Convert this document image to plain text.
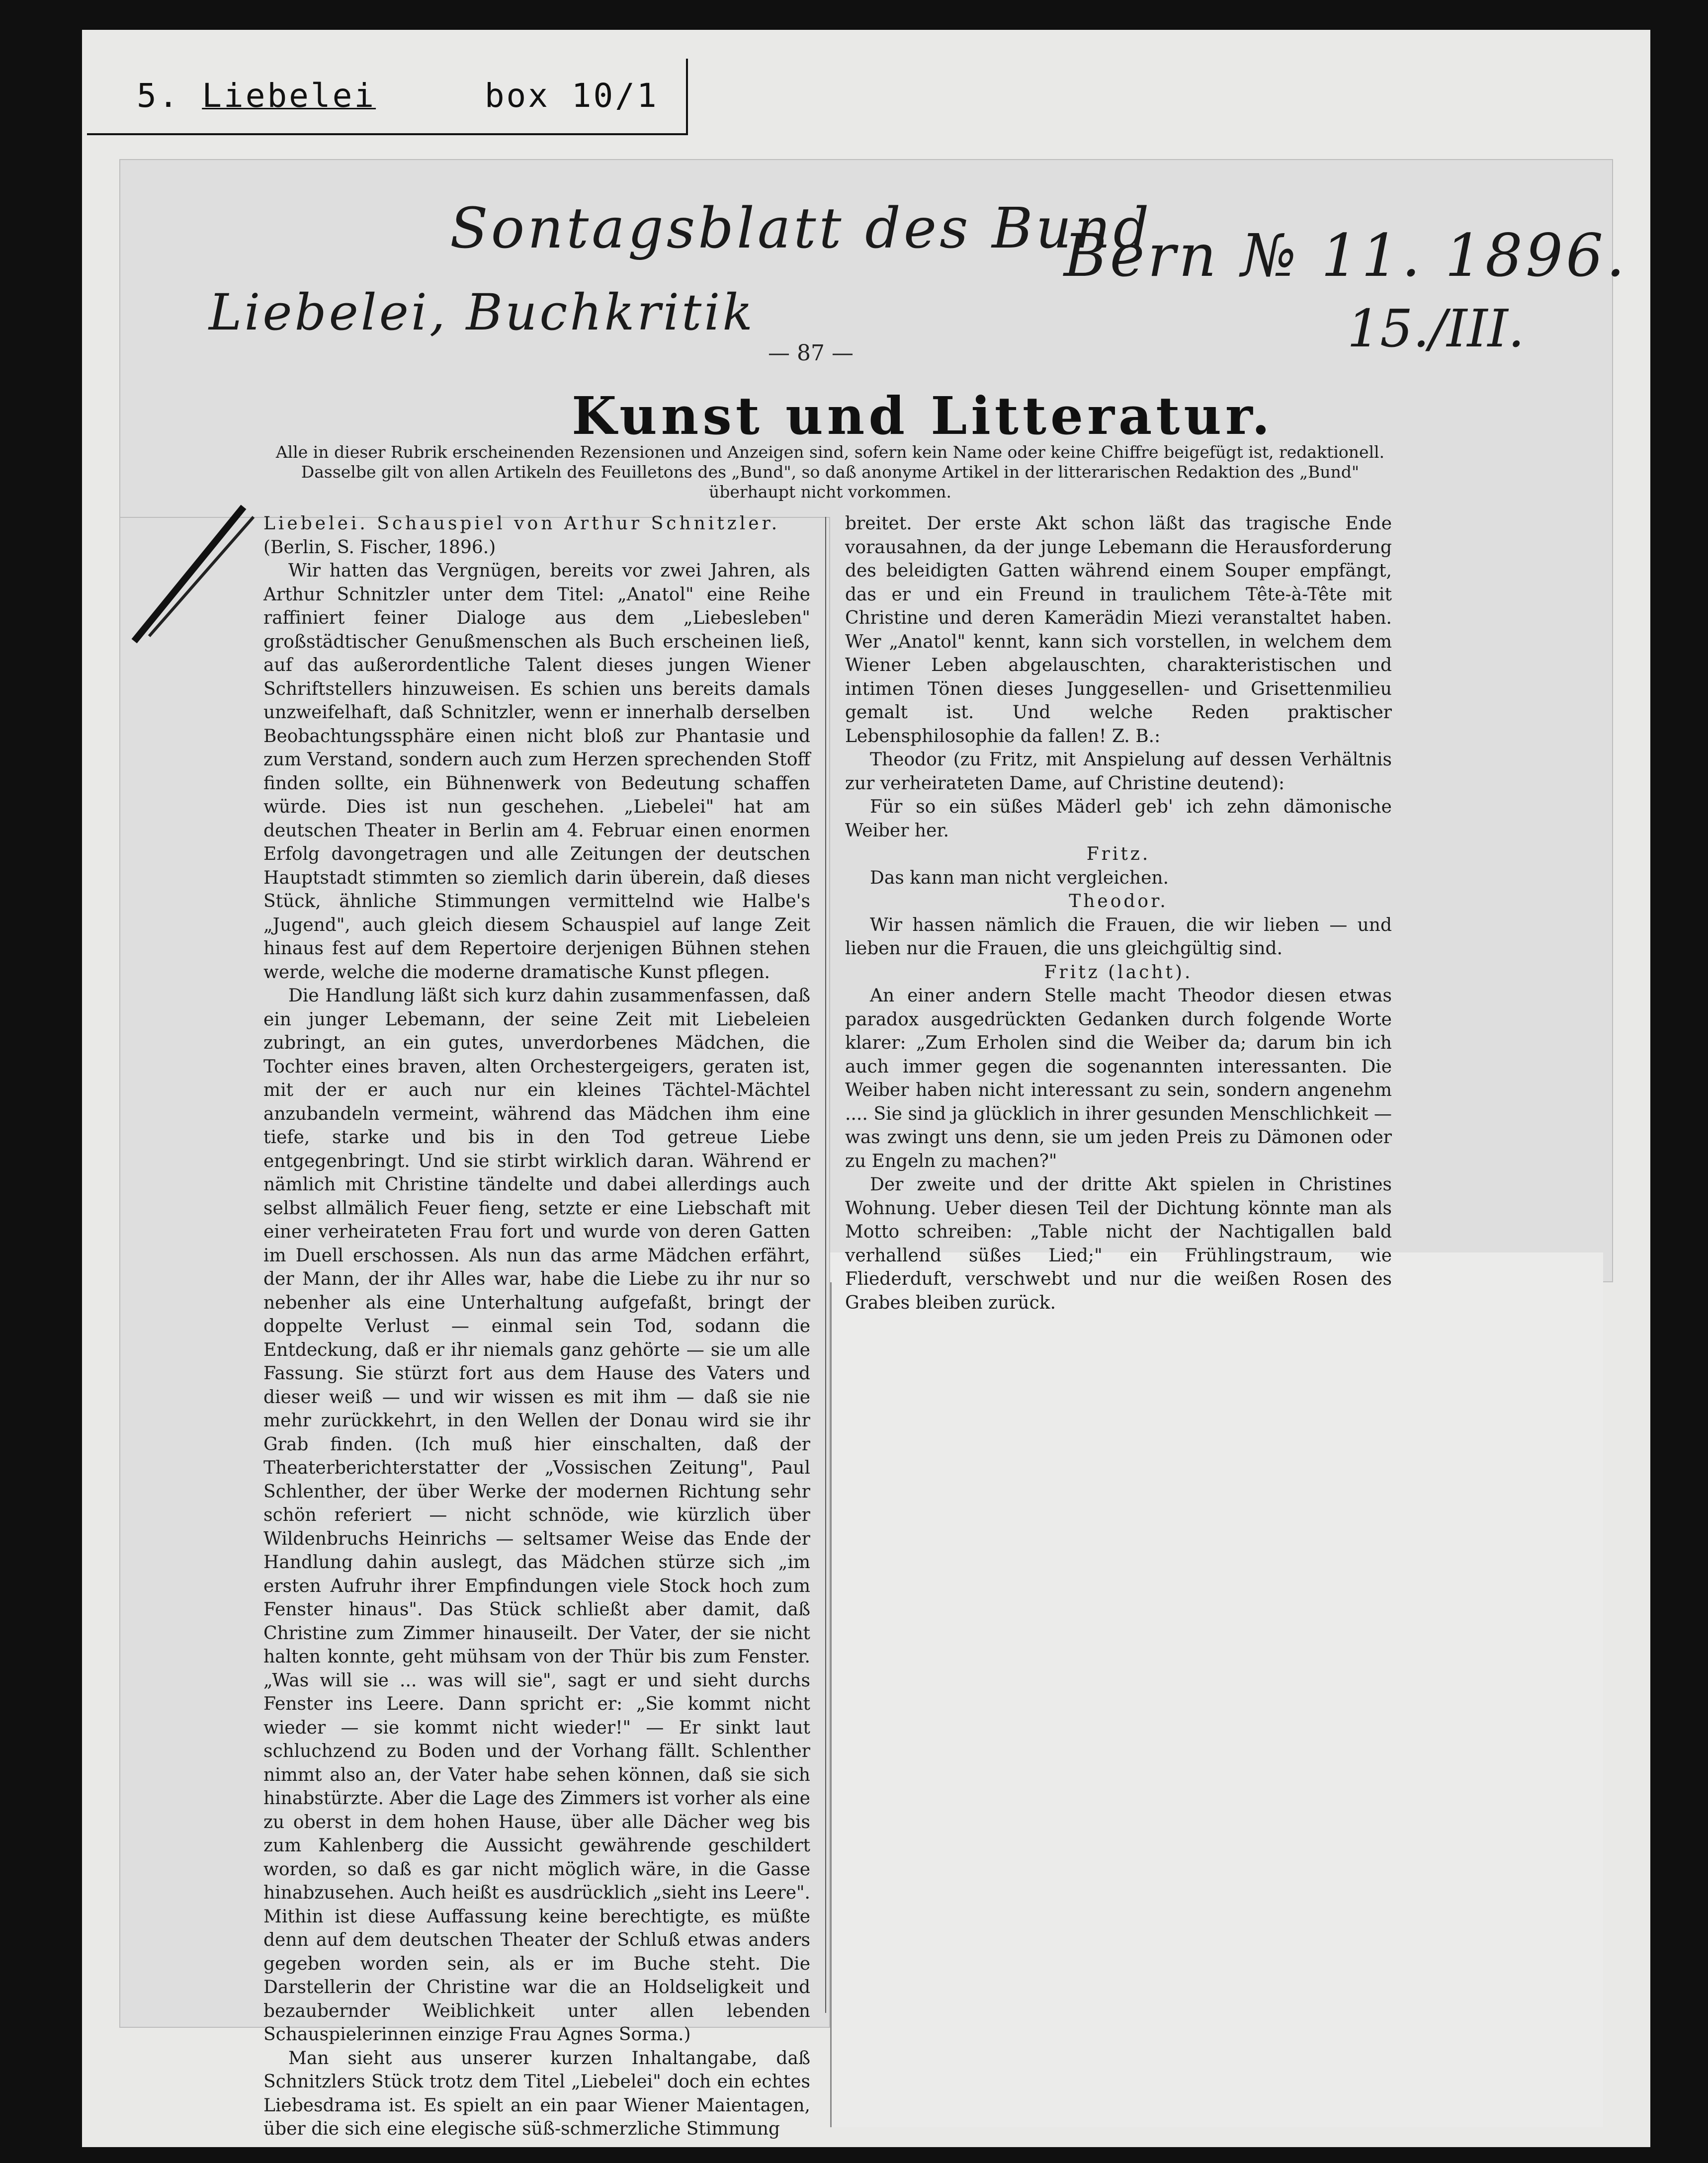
5. Liebelei	box 10/1
Sontagsblatt des Bund
Bern № 11. 1896.
Liebelei, Buchkritik	15./III.
— 87 —
Kunst und Litteratur.
Alle in dieser Rubrik erscheinenden Rezensionen und Anzeigen sind, sofern kein Name oder keine Chiffre beigefügt ist, redaktionell.
Dasselbe gilt von allen Artikeln des Feuilletons des „Bund", so daß anonyme Artikel in der litterarischen Redaktion des „Bund"
überhaupt nicht vorkommen.

Liebelei. Schauspiel von Arthur Schnitzler.

(Berlin, S. Fischer, 1896.)

Wir hatten das Vergnügen, bereits vor zwei Jahren, als Arthur Schnitzler unter dem Titel: „Anatol" eine Reihe raffiniert feiner Dialoge aus dem „Liebesleben" großstädtischer Genußmenschen als Buch erscheinen ließ, auf das außerordentliche Talent dieses jungen Wiener Schriftstellers hinzuweisen. Es schien uns bereits damals unzweifelhaft, daß Schnitzler, wenn er innerhalb derselben Beobachtungssphäre einen nicht bloß zur Phantasie und zum Verstand, sondern auch zum Herzen sprechenden Stoff finden sollte, ein Bühnenwerk von Bedeutung schaffen würde. Dies ist nun geschehen. „Liebelei" hat am deutschen Theater in Berlin am 4. Februar einen enormen Erfolg davongetragen und alle Zeitungen der deutschen Hauptstadt stimmten so ziemlich darin überein, daß dieses Stück, ähnliche Stimmungen vermittelnd wie Halbe's „Jugend", auch gleich diesem Schauspiel auf lange Zeit hinaus fest auf dem Repertoire derjenigen Bühnen stehen werde, welche die moderne dramatische Kunst pflegen.

Die Handlung läßt sich kurz dahin zusammenfassen, daß ein junger Lebemann, der seine Zeit mit Liebeleien zubringt, an ein gutes, unverdorbenes Mädchen, die Tochter eines braven, alten Orchestergeigers, geraten ist, mit der er auch nur ein kleines Tächtel-Mächtel anzubandeln vermeint, während das Mädchen ihm eine tiefe, starke und bis in den Tod getreue Liebe entgegenbringt. Und sie stirbt wirklich daran. Während er nämlich mit Christine tändelte und dabei allerdings auch selbst allmälich Feuer fieng, setzte er eine Liebschaft mit einer verheirateten Frau fort und wurde von deren Gatten im Duell erschossen. Als nun das arme Mädchen erfährt, der Mann, der ihr Alles war, habe die Liebe zu ihr nur so nebenher als eine Unterhaltung aufgefaßt, bringt der doppelte Verlust — einmal sein Tod, sodann die Entdeckung, daß er ihr niemals ganz gehörte — sie um alle Fassung. Sie stürzt fort aus dem Hause des Vaters und dieser weiß — und wir wissen es mit ihm — daß sie nie mehr zurückkehrt, in den Wellen der Donau wird sie ihr Grab finden. (Ich muß hier einschalten, daß der Theaterberichterstatter der „Vossischen Zeitung", Paul Schlenther, der über Werke der modernen Richtung sehr schön referiert — nicht schnöde, wie kürzlich über Wildenbruchs Heinrichs — seltsamer Weise das Ende der Handlung dahin auslegt, das Mädchen stürze sich „im ersten Aufruhr ihrer Empfindungen viele Stock hoch zum Fenster hinaus". Das Stück schließt aber damit, daß Christine zum Zimmer hinauseilt. Der Vater, der sie nicht halten konnte, geht mühsam von der Thür bis zum Fenster. „Was will sie ... was will sie", sagt er und sieht durchs Fenster ins Leere. Dann spricht er: „Sie kommt nicht wieder — sie kommt nicht wieder!" — Er sinkt laut schluchzend zu Boden und der Vorhang fällt. Schlenther nimmt also an, der Vater habe sehen können, daß sie sich hinabstürzte. Aber die Lage des Zimmers ist vorher als eine zu oberst in dem hohen Hause, über alle Dächer weg bis zum Kahlenberg die Aussicht gewährende geschildert worden, so daß es gar nicht möglich wäre, in die Gasse hinabzusehen. Auch heißt es ausdrücklich „sieht ins Leere". Mithin ist diese Auffassung keine berechtigte, es müßte denn auf dem deutschen Theater der Schluß etwas anders gegeben worden sein, als er im Buche steht. Die Darstellerin der Christine war die an Holdseligkeit und bezaubernder Weiblichkeit unter allen lebenden Schauspielerinnen einzige Frau Agnes Sorma.)

Man sieht aus unserer kurzen Inhaltangabe, daß Schnitzlers Stück trotz dem Titel „Liebelei" doch ein echtes Liebesdrama ist. Es spielt an ein paar Wiener Maientagen, über die sich eine elegische süß-schmerzliche Stimmung

breitet. Der erste Akt schon läßt das tragische Ende vorausahnen, da der junge Lebemann die Herausforderung des beleidigten Gatten während einem Souper empfängt, das er und ein Freund in traulichem Tête-à-Tête mit Christine und deren Kamerädin Miezi veranstaltet haben. Wer „Anatol" kennt, kann sich vorstellen, in welchem dem Wiener Leben abgelauschten, charakteristischen und intimen Tönen dieses Junggesellen- und Grisettenmilieu gemalt ist. Und welche Reden praktischer Lebensphilosophie da fallen! Z. B.:

Theodor (zu Fritz, mit Anspielung auf dessen Verhältnis zur verheirateten Dame, auf Christine deutend):

Für so ein süßes Mäderl geb' ich zehn dämonische Weiber her.

Fritz.

Das kann man nicht vergleichen.

Theodor.

Wir hassen nämlich die Frauen, die wir lieben — und lieben nur die Frauen, die uns gleichgültig sind.

Fritz (lacht).

An einer andern Stelle macht Theodor diesen etwas paradox ausgedrückten Gedanken durch folgende Worte klarer: „Zum Erholen sind die Weiber da; darum bin ich auch immer gegen die sogenannten interessanten. Die Weiber haben nicht interessant zu sein, sondern angenehm .... Sie sind ja glücklich in ihrer gesunden Menschlichkeit — was zwingt uns denn, sie um jeden Preis zu Dämonen oder zu Engeln zu machen?"

Der zweite und der dritte Akt spielen in Christines Wohnung. Ueber diesen Teil der Dichtung könnte man als Motto schreiben: „Table nicht der Nachtigallen bald verhallend süßes Lied;" ein Frühlingstraum, wie Fliederduft, verschwebt und nur die weißen Rosen des Grabes bleiben zurück.
